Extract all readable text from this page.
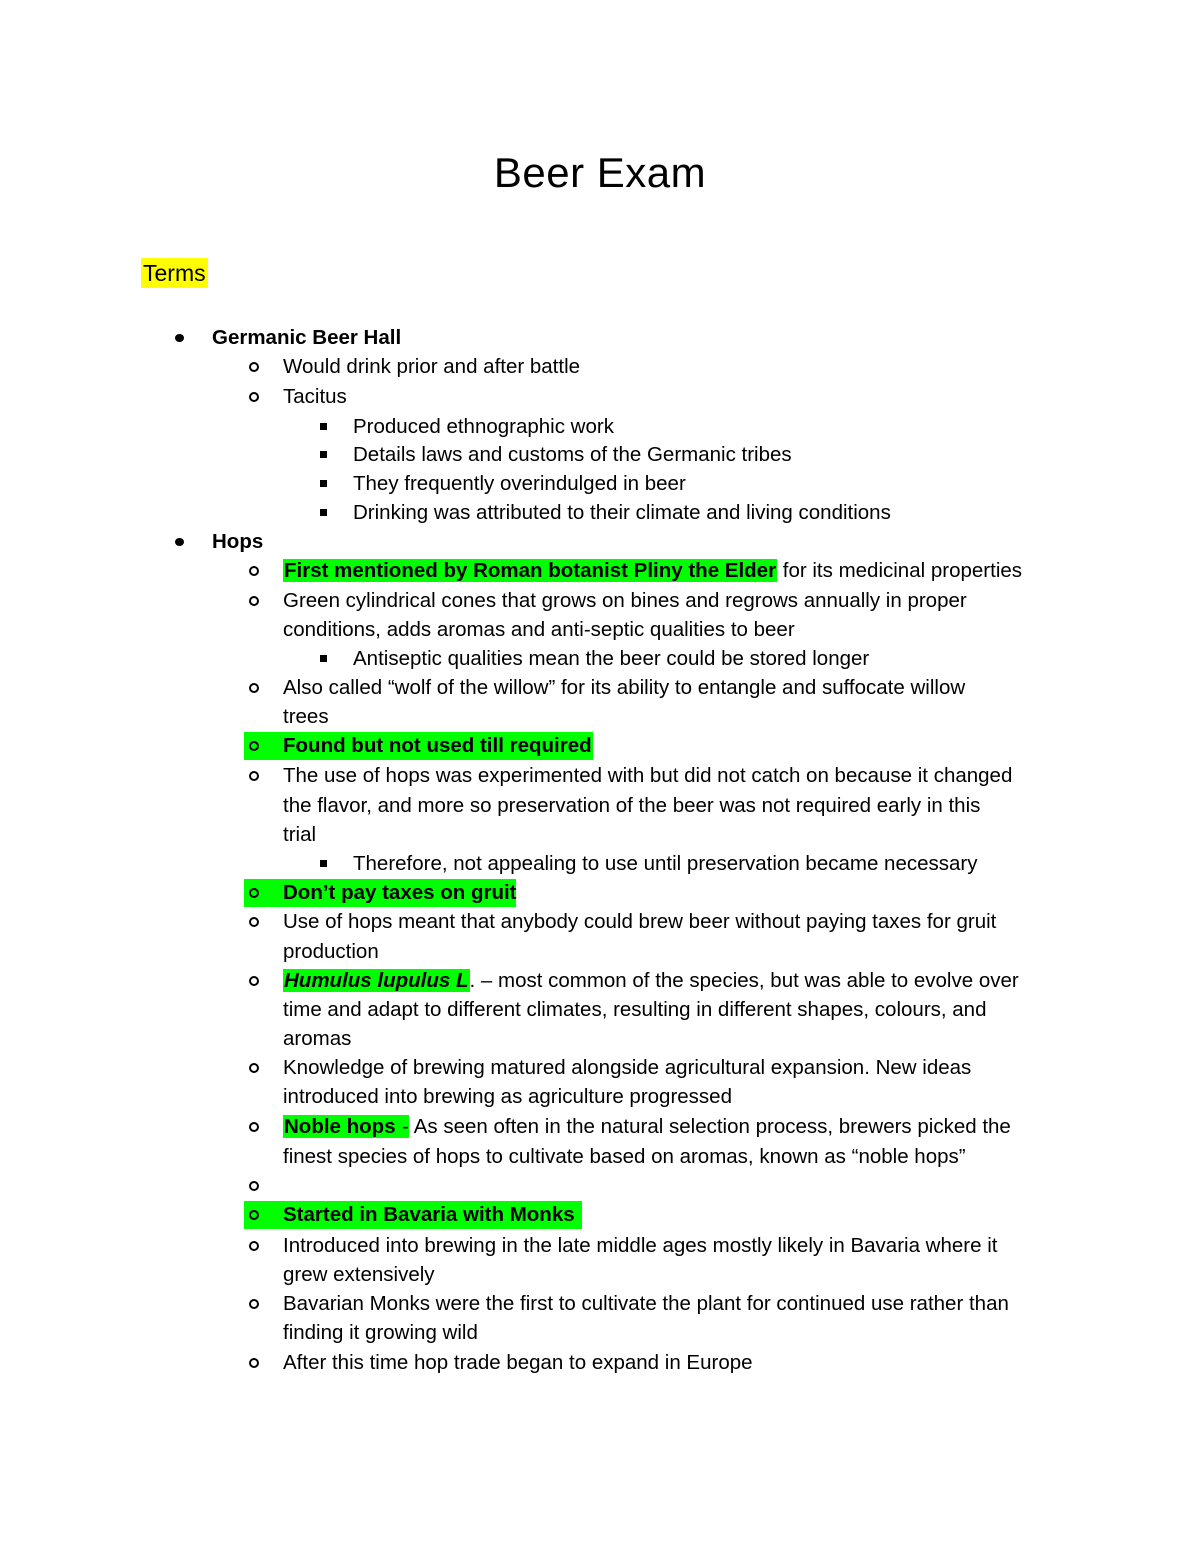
Beer Exam
Terms
Germanic Beer Hall
Would drink prior and after battle
Tacitus
Produced ethnographic work
Details laws and customs of the Germanic tribes
They frequently overindulged in beer
Drinking was attributed to their climate and living conditions
Hops
First mentioned by Roman botanist Pliny the Elder for its medicinal properties
Green cylindrical cones that grows on bines and regrows annually in proper
conditions, adds aromas and anti-septic qualities to beer
Antiseptic qualities mean the beer could be stored longer
Also called “wolf of the willow” for its ability to entangle and suffocate willow
trees
Found but not used till required
The use of hops was experimented with but did not catch on because it changed
the flavor, and more so preservation of the beer was not required early in this
trial
Therefore, not appealing to use until preservation became necessary
Don’t pay taxes on gruit
Use of hops meant that anybody could brew beer without paying taxes for gruit
production
Humulus lupulus L. – most common of the species, but was able to evolve over
time and adapt to different climates, resulting in different shapes, colours, and
aromas
Knowledge of brewing matured alongside agricultural expansion. New ideas
introduced into brewing as agriculture progressed
Noble hops - As seen often in the natural selection process, brewers picked the
finest species of hops to cultivate based on aromas, known as “noble hops”
Started in Bavaria with Monks
Introduced into brewing in the late middle ages mostly likely in Bavaria where it
grew extensively
Bavarian Monks were the first to cultivate the plant for continued use rather than
finding it growing wild
After this time hop trade began to expand in Europe
